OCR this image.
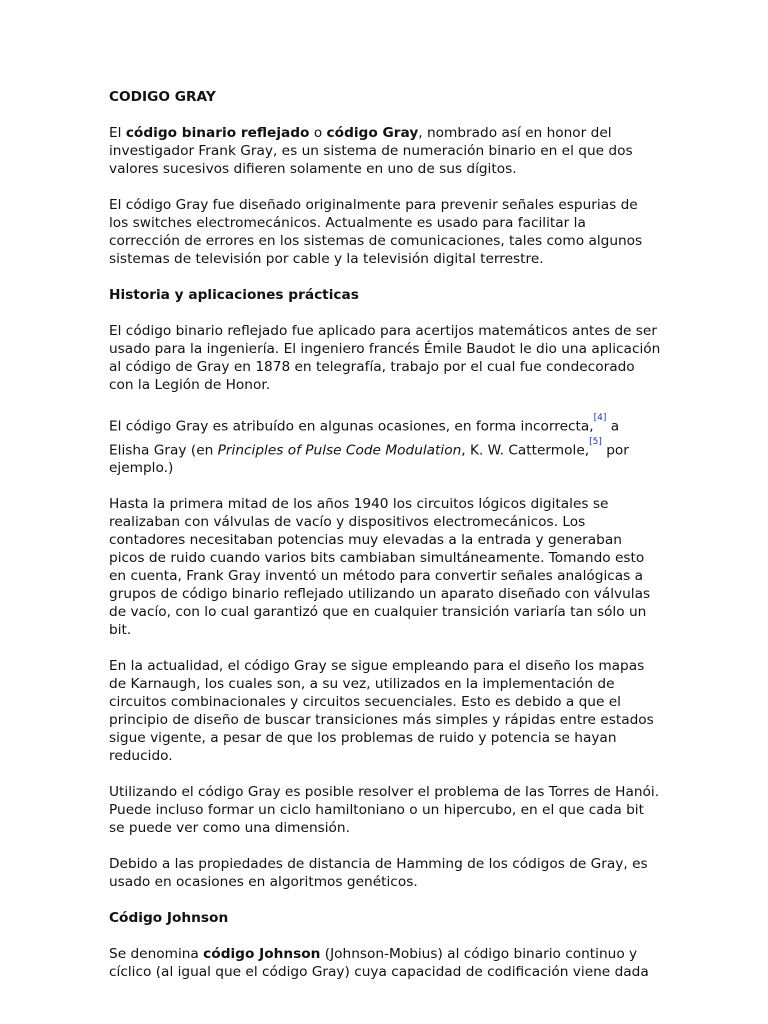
CODIGO GRAY

El código binario reflejado o código Gray, nombrado así en honor del investigador Frank Gray, es un sistema de numeración binario en el que dos valores sucesivos difieren solamente en uno de sus dígitos.

El código Gray fue diseñado originalmente para prevenir señales espurias de los switches electromecánicos. Actualmente es usado para facilitar la corrección de errores en los sistemas de comunicaciones, tales como algunos sistemas de televisión por cable y la televisión digital terrestre.

Historia y aplicaciones prácticas

El código binario reflejado fue aplicado para acertijos matemáticos antes de ser usado para la ingeniería. El ingeniero francés Émile Baudot le dio una aplicación al código de Gray en 1878 en telegrafía, trabajo por el cual fue condecorado con la Legión de Honor.

El código Gray es atribuído en algunas ocasiones, en forma incorrecta,[4] a Elisha Gray (en Principles of Pulse Code Modulation, K. W. Cattermole,[5] por ejemplo.)

Hasta la primera mitad de los años 1940 los circuitos lógicos digitales se realizaban con válvulas de vacío y dispositivos electromecánicos. Los contadores necesitaban potencias muy elevadas a la entrada y generaban picos de ruido cuando varios bits cambiaban simultáneamente. Tomando esto en cuenta, Frank Gray inventó un método para convertir señales analógicas a grupos de código binario reflejado utilizando un aparato diseñado con válvulas de vacío, con lo cual garantizó que en cualquier transición variaría tan sólo un bit.

En la actualidad, el código Gray se sigue empleando para el diseño los mapas de Karnaugh, los cuales son, a su vez, utilizados en la implementación de circuitos combinacionales y circuitos secuenciales. Esto es debido a que el principio de diseño de buscar transiciones más simples y rápidas entre estados sigue vigente, a pesar de que los problemas de ruido y potencia se hayan reducido.

Utilizando el código Gray es posible resolver el problema de las Torres de Hanói. Puede incluso formar un ciclo hamiltoniano o un hipercubo, en el que cada bit se puede ver como una dimensión.

Debido a las propiedades de distancia de Hamming de los códigos de Gray, es usado en ocasiones en algoritmos genéticos.

Código Johnson

Se denomina código Johnson (Johnson-Mobius) al código binario continuo y cíclico (al igual que el código Gray) cuya capacidad de codificación viene dada
